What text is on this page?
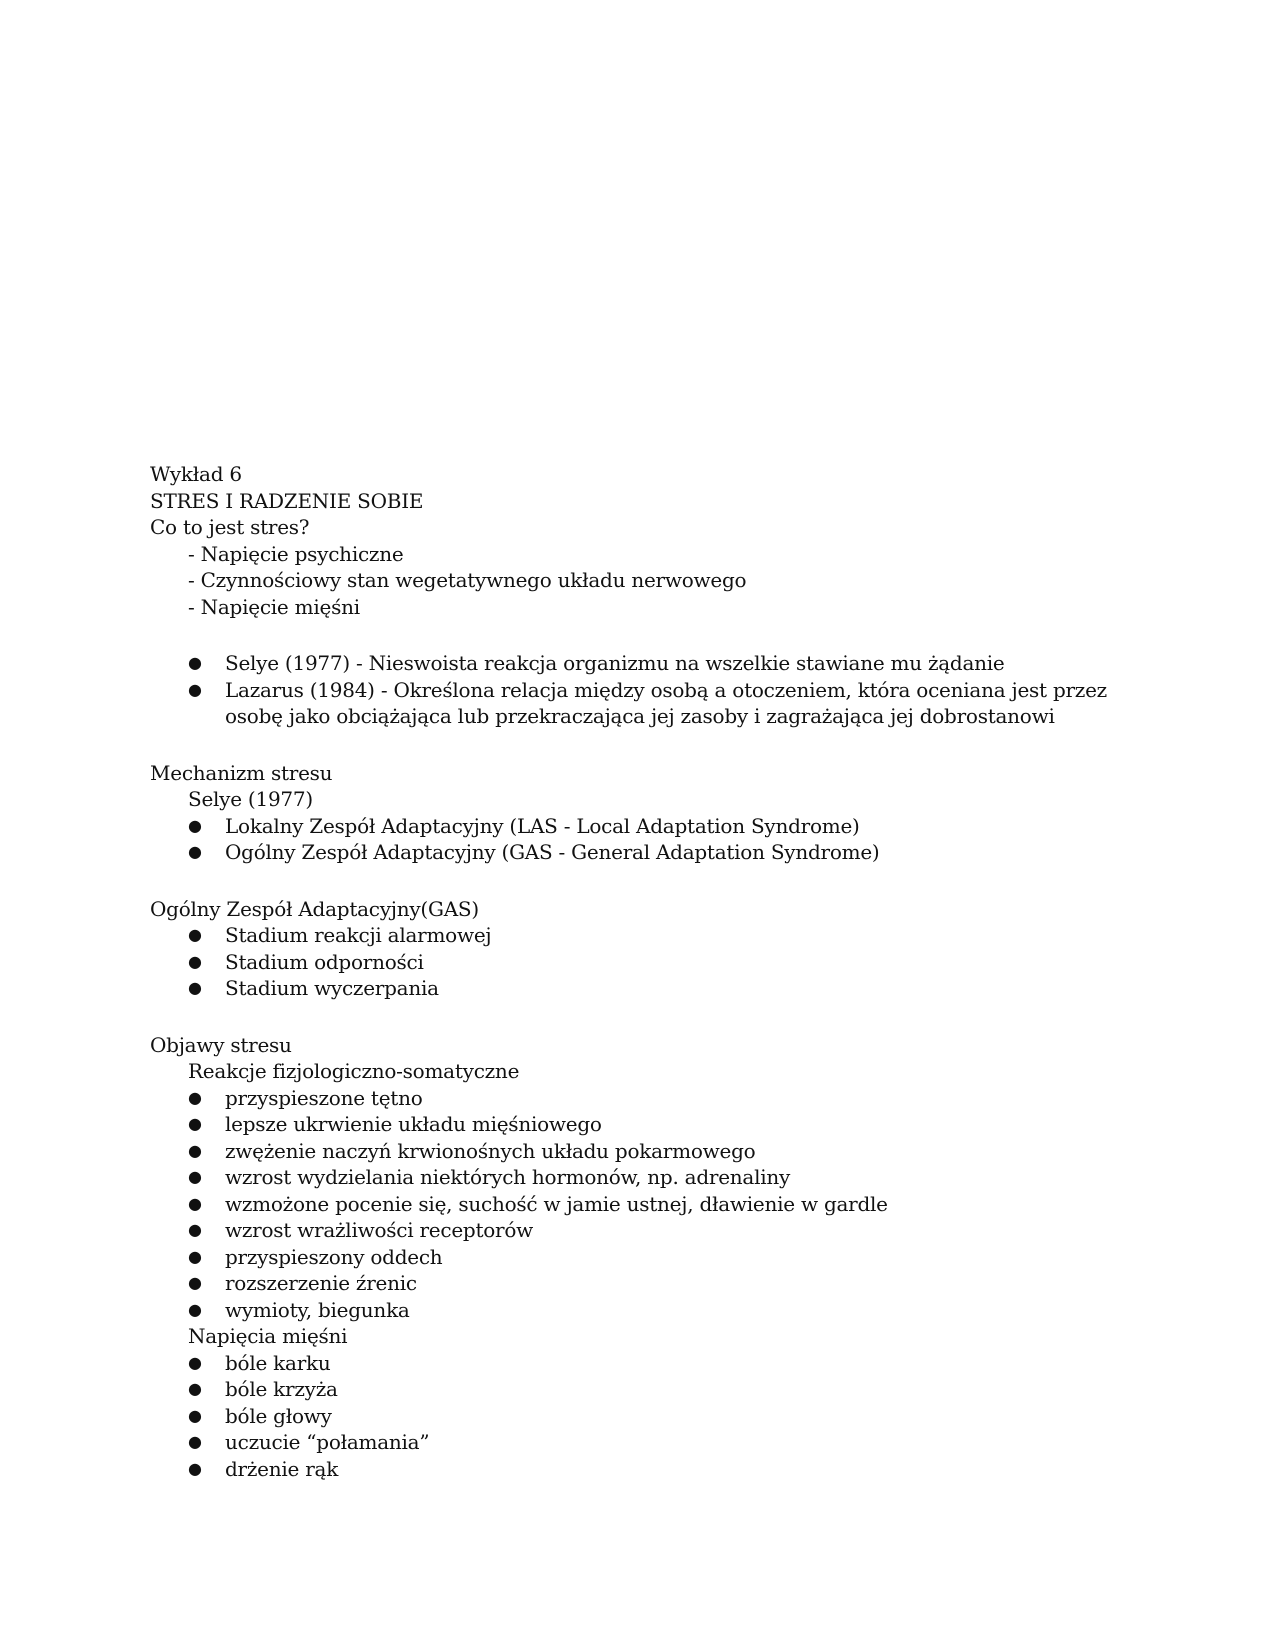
Wykład 6
STRES I RADZENIE SOBIE
Co to jest stres?
- Napięcie psychiczne
- Czynnościowy stan wegetatywnego układu nerwowego
- Napięcie mięśni
● Selye (1977) - Nieswoista reakcja organizmu na wszelkie stawiane mu żądanie
● Lazarus (1984) - Określona relacja między osobą a otoczeniem, która oceniana jest przez osobę jako obciążająca lub przekraczająca jej zasoby i zagrażająca jej dobrostanowi
Mechanizm stresu
Selye (1977)
● Lokalny Zespół Adaptacyjny (LAS - Local Adaptation Syndrome)
● Ogólny Zespół Adaptacyjny (GAS - General Adaptation Syndrome)
Ogólny Zespół Adaptacyjny(GAS)
● Stadium reakcji alarmowej
● Stadium odporności
● Stadium wyczerpania
Objawy stresu
Reakcje fizjologiczno-somatyczne
● przyspieszone tętno
● lepsze ukrwienie układu mięśniowego
● zwężenie naczyń krwionośnych układu pokarmowego
● wzrost wydzielania niektórych hormonów, np. adrenaliny
● wzmożone pocenie się, suchość w jamie ustnej, dławienie w gardle
● wzrost wrażliwości receptorów
● przyspieszony oddech
● rozszerzenie źrenic
● wymioty, biegunka
Napięcia mięśni
● bóle karku
● bóle krzyża
● bóle głowy
● uczucie “połamania”
● drżenie rąk
